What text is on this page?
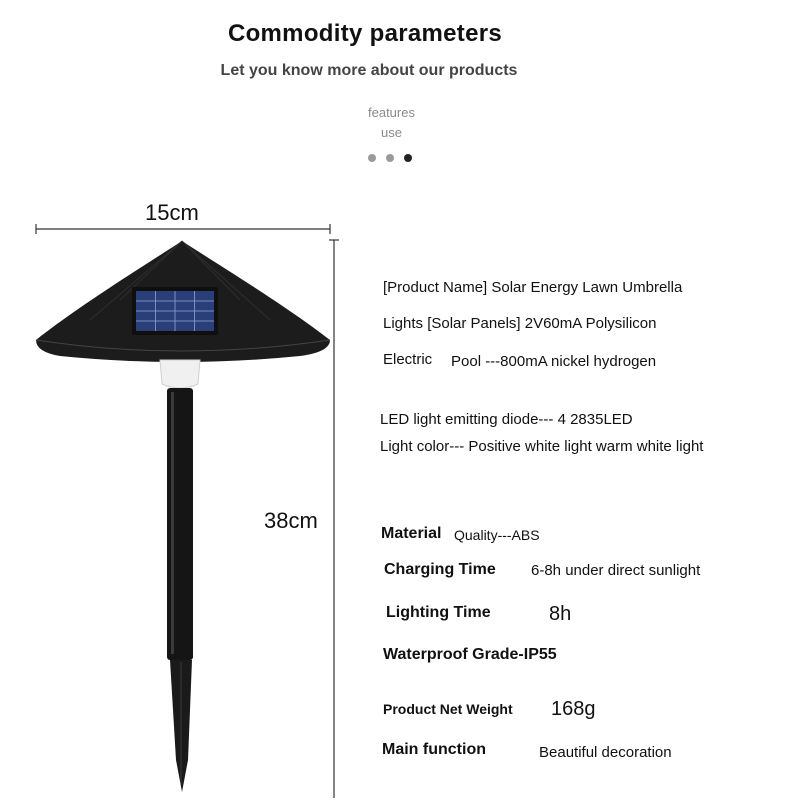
Commodity parameters
Let you know more about our products
features
use
15cm
38cm
[Product Name] Solar Energy Lawn Umbrella
Lights [Solar Panels] 2V60mA Polysilicon
Electric Pool ---800mA nickel hydrogen
LED light emitting diode--- 4 2835LED
Light color--- Positive white light warm white light
Material Quality---ABS
Charging Time 6-8h under direct sunlight
Lighting Time	8h
Waterproof Grade-IP55
Product Net Weight 168g
Main function	Beautiful decoration
